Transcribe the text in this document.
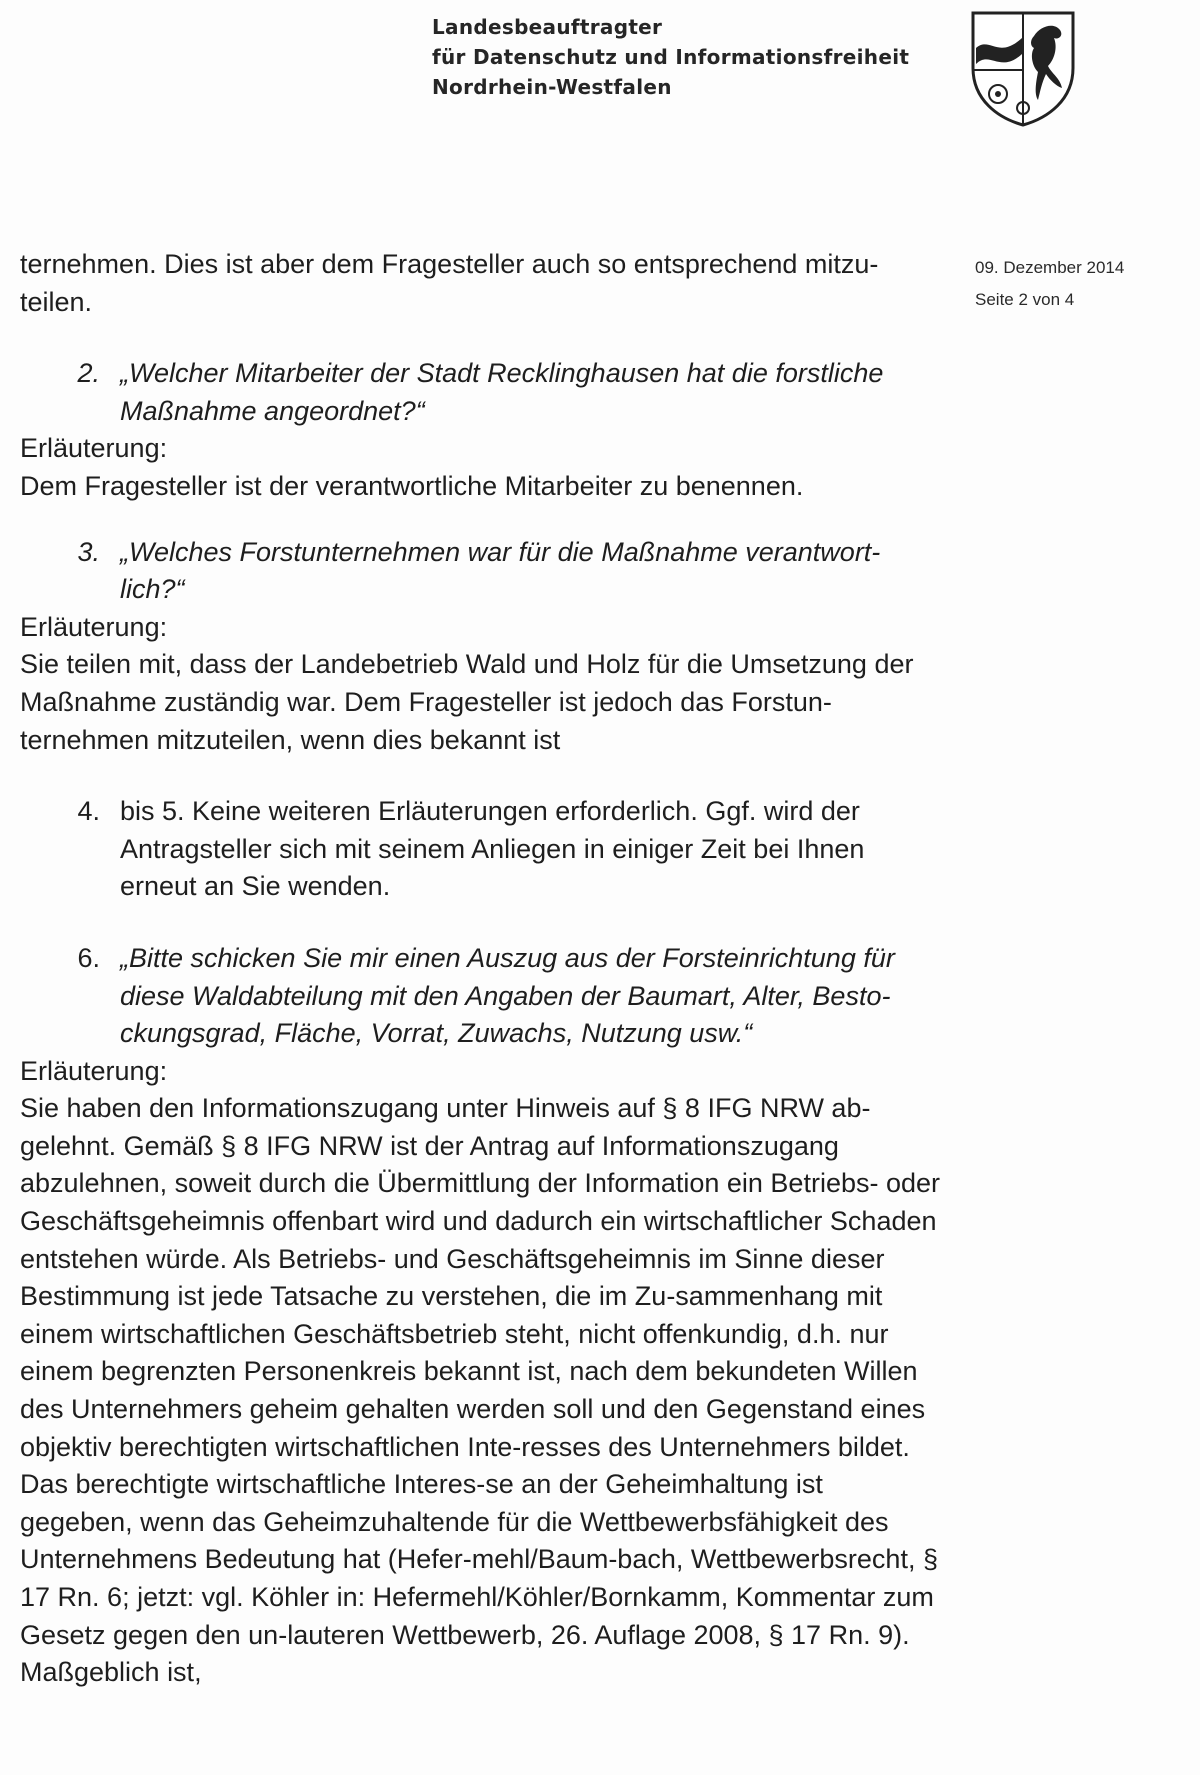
Landesbeauftragter
für Datenschutz und Informationsfreiheit
Nordrhein-Westfalen
09. Dezember 2014
Seite 2 von 4

ternehmen. Dies ist aber dem Fragesteller auch so entsprechend mitzu-teilen.

2. „Welcher Mitarbeiter der Stadt Recklinghausen hat die forstliche Maßnahme angeordnet?“

Erläuterung:

Dem Fragesteller ist der verantwortliche Mitarbeiter zu benennen.

3. „Welches Forstunternehmen war für die Maßnahme verantwort-lich?“

Erläuterung:

Sie teilen mit, dass der Landebetrieb Wald und Holz für die Umsetzung der Maßnahme zuständig war. Dem Fragesteller ist jedoch das Forstun-ternehmen mitzuteilen, wenn dies bekannt ist

4. bis 5. Keine weiteren Erläuterungen erforderlich. Ggf. wird der Antragsteller sich mit seinem Anliegen in einiger Zeit bei Ihnen erneut an Sie wenden.
6. „Bitte schicken Sie mir einen Auszug aus der Forsteinrichtung für diese Waldabteilung mit den Angaben der Baumart, Alter, Besto-ckungsgrad, Fläche, Vorrat, Zuwachs, Nutzung usw.“

Erläuterung:

Sie haben den Informationszugang unter Hinweis auf § 8 IFG NRW ab-gelehnt. Gemäß § 8 IFG NRW ist der Antrag auf Informationszugang abzulehnen, soweit durch die Übermittlung der Information ein Betriebs- oder Geschäftsgeheimnis offenbart wird und dadurch ein wirtschaftlicher Schaden entstehen würde. Als Betriebs- und Geschäftsgeheimnis im Sinne dieser Bestimmung ist jede Tatsache zu verstehen, die im Zu-sammenhang mit einem wirtschaftlichen Geschäftsbetrieb steht, nicht offenkundig, d.h. nur einem begrenzten Personenkreis bekannt ist, nach dem bekundeten Willen des Unternehmers geheim gehalten werden soll und den Gegenstand eines objektiv berechtigten wirtschaftlichen Inte-resses des Unternehmers bildet. Das berechtigte wirtschaftliche Interes-se an der Geheimhaltung ist gegeben, wenn das Geheimzuhaltende für die Wettbewerbsfähigkeit des Unternehmens Bedeutung hat (Hefer-mehl/Baum-bach, Wettbewerbsrecht, § 17 Rn. 6; jetzt: vgl. Köhler in: Hefermehl/Köhler/Bornkamm, Kommentar zum Gesetz gegen den un-lauteren Wettbewerb, 26. Auflage 2008, § 17 Rn. 9). Maßgeblich ist,
